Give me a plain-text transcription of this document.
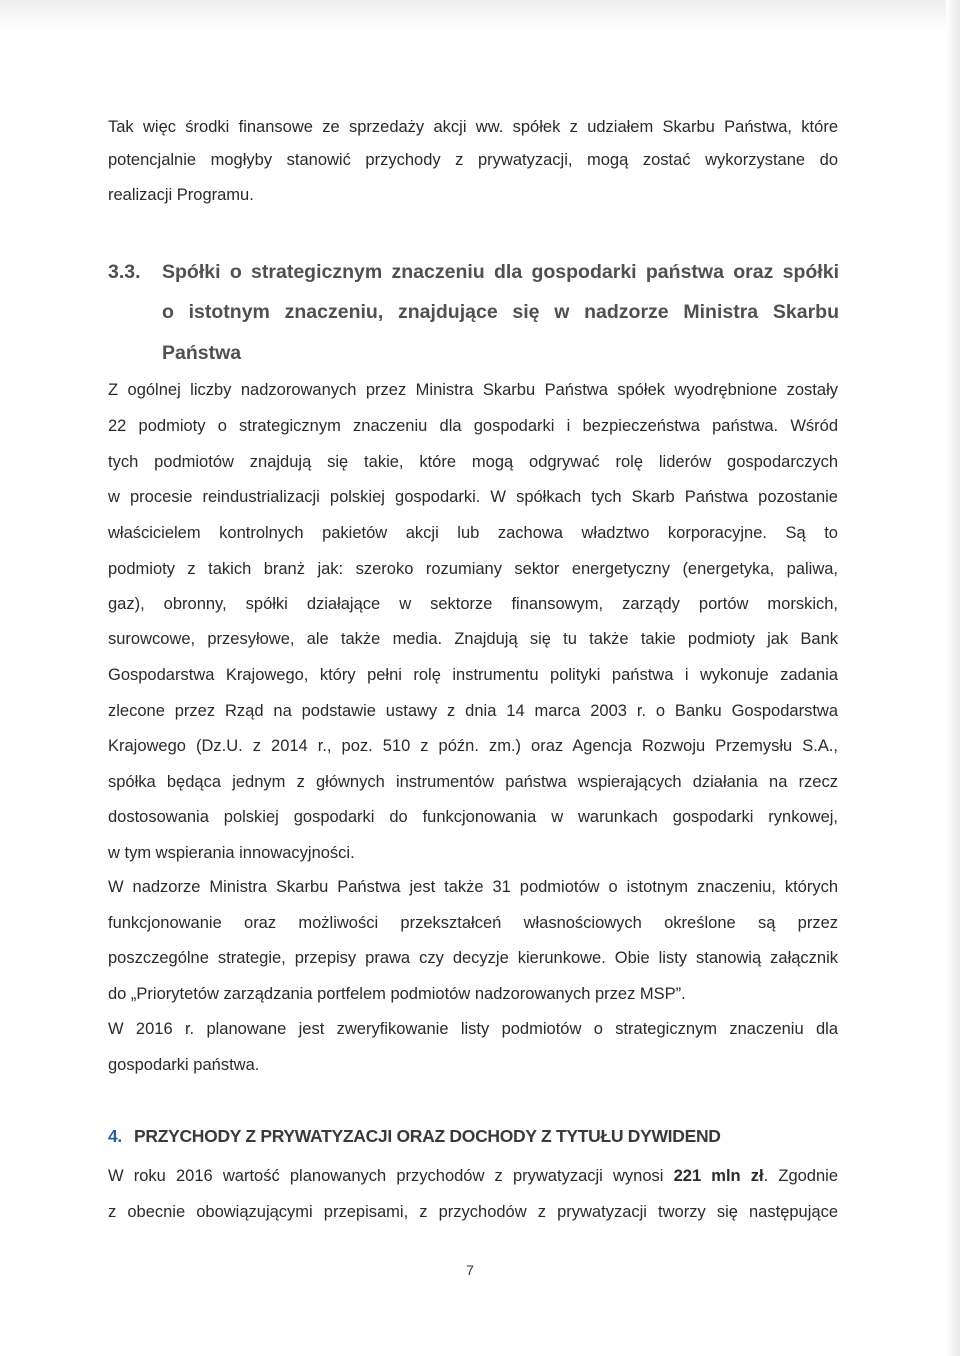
Tak więc środki finansowe ze sprzedaży akcji ww. spółek z udziałem Skarbu Państwa, które
potencjalnie mogłyby stanowić przychody z prywatyzacji, mogą zostać wykorzystane do
realizacji Programu.
3.3. Spółki o strategicznym znaczeniu dla gospodarki państwa oraz spółki
o istotnym znaczeniu, znajdujące się w nadzorze Ministra Skarbu
Państwa
Z ogólnej liczby nadzorowanych przez Ministra Skarbu Państwa spółek wyodrębnione zostały
22 podmioty o strategicznym znaczeniu dla gospodarki i bezpieczeństwa państwa. Wśród
tych podmiotów znajdują się takie, które mogą odgrywać rolę liderów gospodarczych
w procesie reindustrializacji polskiej gospodarki. W spółkach tych Skarb Państwa pozostanie
właścicielem kontrolnych pakietów akcji lub zachowa władztwo korporacyjne. Są to
podmioty z takich branż jak: szeroko rozumiany sektor energetyczny (energetyka, paliwa,
gaz), obronny, spółki działające w sektorze finansowym, zarządy portów morskich,
surowcowe, przesyłowe, ale także media. Znajdują się tu także takie podmioty jak Bank
Gospodarstwa Krajowego, który pełni rolę instrumentu polityki państwa i wykonuje zadania
zlecone przez Rząd na podstawie ustawy z dnia 14 marca 2003 r. o Banku Gospodarstwa
Krajowego (Dz.U. z 2014 r., poz. 510 z późn. zm.) oraz Agencja Rozwoju Przemysłu S.A.,
spółka będąca jednym z głównych instrumentów państwa wspierających działania na rzecz
dostosowania polskiej gospodarki do funkcjonowania w warunkach gospodarki rynkowej,
w tym wspierania innowacyjności.
W nadzorze Ministra Skarbu Państwa jest także 31 podmiotów o istotnym znaczeniu, których
funkcjonowanie oraz możliwości przekształceń własnościowych określone są przez
poszczególne strategie, przepisy prawa czy decyzje kierunkowe. Obie listy stanowią załącznik
do „Priorytetów zarządzania portfelem podmiotów nadzorowanych przez MSP”.
W 2016 r. planowane jest zweryfikowanie listy podmiotów o strategicznym znaczeniu dla
gospodarki państwa.
4. PRZYCHODY Z PRYWATYZACJI ORAZ DOCHODY Z TYTUŁU DYWIDEND
W roku 2016 wartość planowanych przychodów z prywatyzacji wynosi 221 mln zł. Zgodnie
z obecnie obowiązującymi przepisami, z przychodów z prywatyzacji tworzy się następujące
7
